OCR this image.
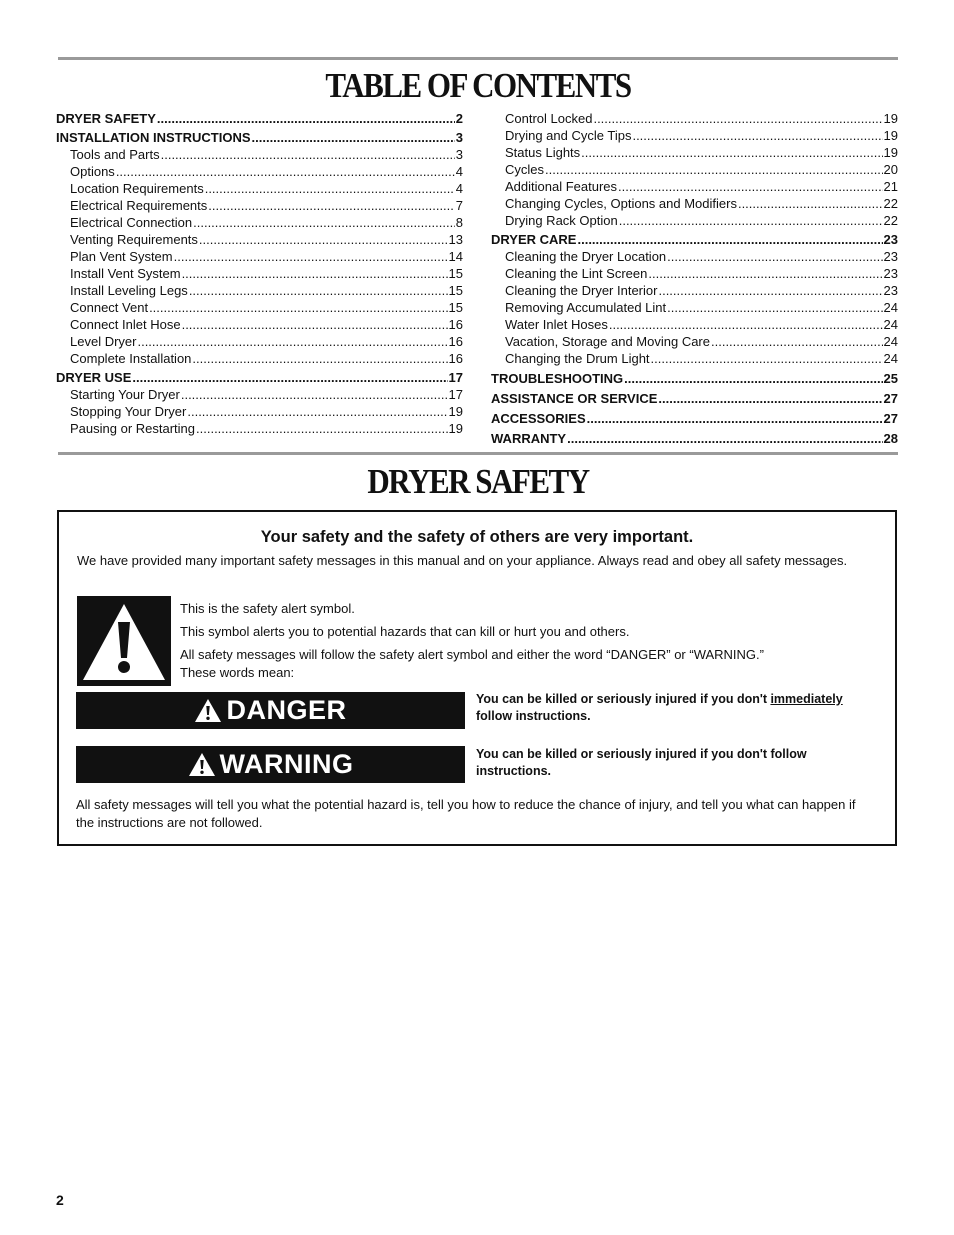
TABLE OF CONTENTS
DRYER SAFETY .....	2
INSTALLATION INSTRUCTIONS .....	3
Tools and Parts .....	3
Options .....	4
Location Requirements .....	4
Electrical Requirements .....	7
Electrical Connection .....	8
Venting Requirements .....	13
Plan Vent System .....	14
Install Vent System .....	15
Install Leveling Legs .....	15
Connect Vent .....	15
Connect Inlet Hose .....	16
Level Dryer .....	16
Complete Installation .....	16
DRYER USE .....	17
Starting Your Dryer .....	17
Stopping Your Dryer .....	19
Pausing or Restarting .....	19
Control Locked .....	19
Drying and Cycle Tips .....	19
Status Lights .....	19
Cycles .....	20
Additional Features .....	21
Changing Cycles, Options and Modifiers .....	22
Drying Rack Option .....	22
DRYER CARE .....	23
Cleaning the Dryer Location .....	23
Cleaning the Lint Screen .....	23
Cleaning the Dryer Interior .....	23
Removing Accumulated Lint .....	24
Water Inlet Hoses .....	24
Vacation, Storage and Moving Care .....	24
Changing the Drum Light .....	24
TROUBLESHOOTING .....	25
ASSISTANCE OR SERVICE .....	27
ACCESSORIES .....	27
WARRANTY .....	28
DRYER SAFETY
Your safety and the safety of others are very important.
We have provided many important safety messages in this manual and on your appliance. Always read and obey all safety messages.

This is the safety alert symbol.

This symbol alerts you to potential hazards that can kill or hurt you and others.

All safety messages will follow the safety alert symbol and either the word “DANGER” or “WARNING.”

These words mean:

DANGER	You can be killed or seriously injured if you don't immediately
follow instructions.
WARNING	You can be killed or seriously injured if you don't follow
instructions.
All safety messages will tell you what the potential hazard is, tell you how to reduce the chance of injury, and tell you what can happen if the instructions are not followed.
2
